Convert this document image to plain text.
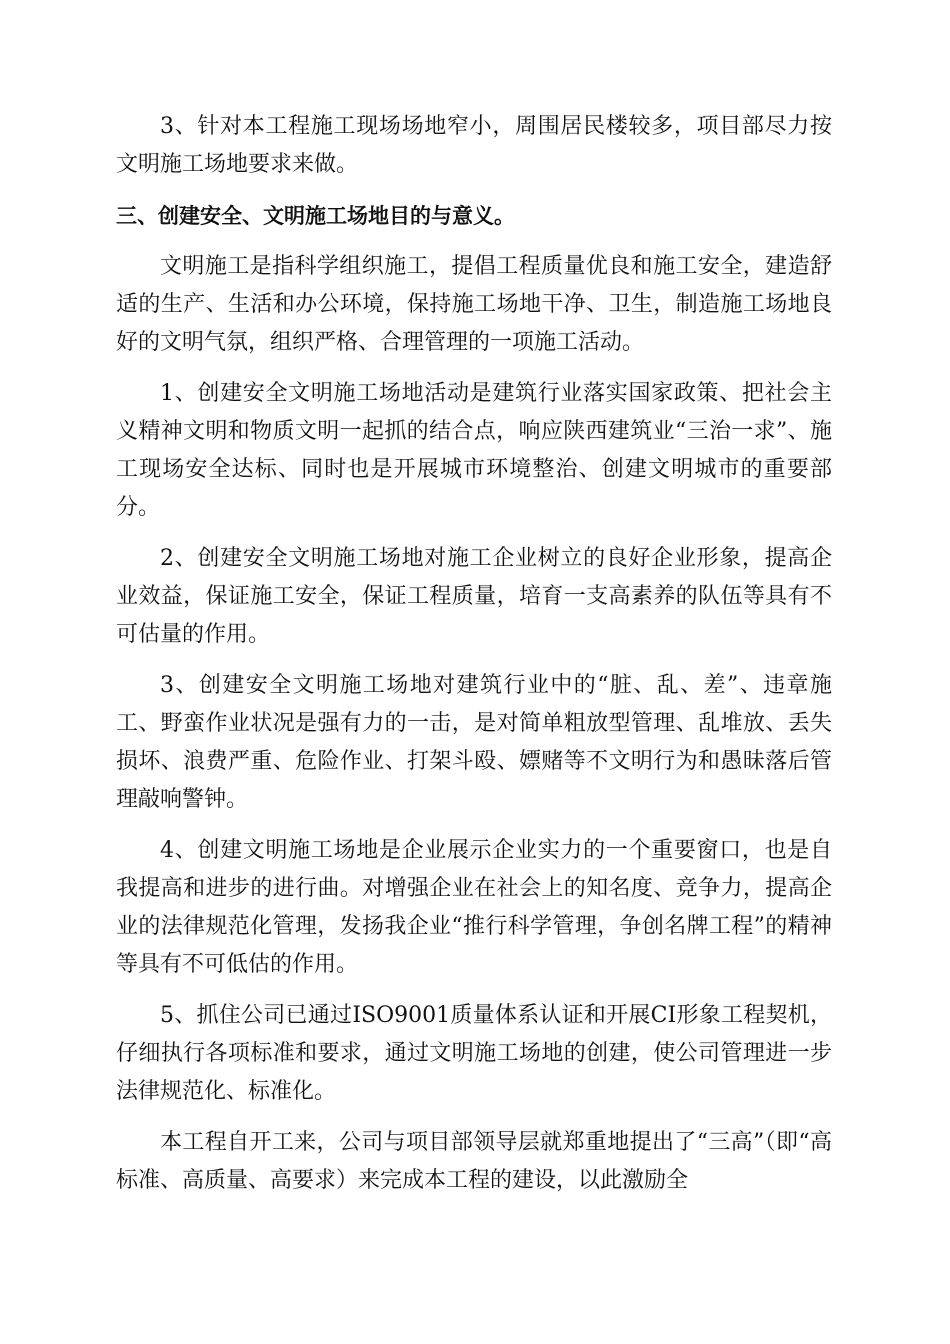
3、针对本工程施工现场场地窄小，周围居民楼较多，项目部尽力按文明施工场地要求来做。

三、创建安全、文明施工场地目的与意义。

文明施工是指科学组织施工，提倡工程质量优良和施工安全，建造舒适的生产、生活和办公环境，保持施工场地干净、卫生，制造施工场地良好的文明气氛，组织严格、合理管理的一项施工活动。

1、创建安全文明施工场地活动是建筑行业落实国家政策、把社会主义精神文明和物质文明一起抓的结合点，响应陕西建筑业“三治一求”、施工现场安全达标、同时也是开展城市环境整治、创建文明城市的重要部分。

2、创建安全文明施工场地对施工企业树立的良好企业形象，提高企业效益，保证施工安全，保证工程质量，培育一支高素养的队伍等具有不可估量的作用。

3、创建安全文明施工场地对建筑行业中的“脏、乱、差”、违章施工、野蛮作业状况是强有力的一击，是对简单粗放型管理、乱堆放、丢失损坏、浪费严重、危险作业、打架斗殴、嫖赌等不文明行为和愚昧落后管理敲响警钟。

4、创建文明施工场地是企业展示企业实力的一个重要窗口，也是自我提高和进步的进行曲。对增强企业在社会上的知名度、竞争力，提高企业的法律规范化管理，发扬我企业“推行科学管理，争创名牌工程”的精神等具有不可低估的作用。

5、抓住公司已通过ISO9001质量体系认证和开展CI形象工程契机，仔细执行各项标准和要求，通过文明施工场地的创建，使公司管理进一步法律规范化、标准化。

本工程自开工来，公司与项目部领导层就郑重地提出了“三高”（即“高标准、高质量、高要求）来完成本工程的建设，以此激励全
